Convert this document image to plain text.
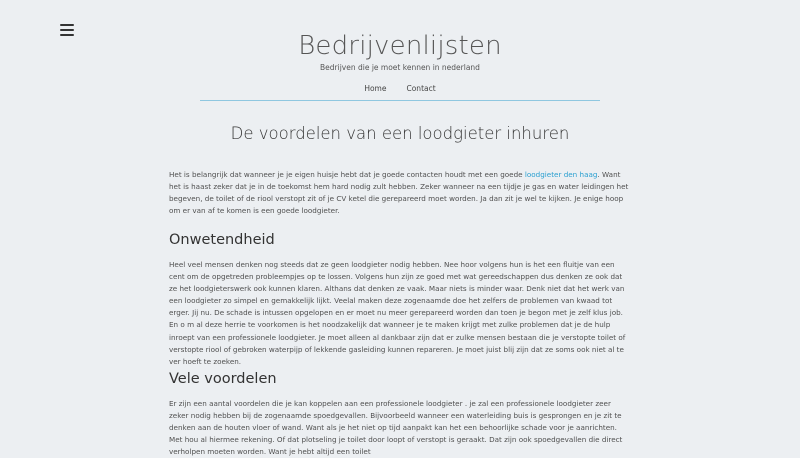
Bedrijvenlijsten
Bedrijven die je moet kennen in nederland
Home	Contact
De voordelen van een loodgieter inhuren

Het is belangrijk dat wanneer je je eigen huisje hebt dat je goede contacten houdt met een goede loodgieter den haag. Want het is haast zeker dat je in de toekomst hem hard nodig zult hebben. Zeker wanneer na een tijdje je gas en water leidingen het begeven, de toilet of de riool verstopt zit of je CV ketel die gerepareerd moet worden. Ja dan zit je wel te kijken. Je enige hoop om er van af te komen is een goede loodgieter.

Onwetendheid

Heel veel mensen denken nog steeds dat ze geen loodgieter nodig hebben. Nee hoor volgens hun is het een fluitje van een cent om de opgetreden probleempjes op te lossen. Volgens hun zijn ze goed met wat gereedschappen dus denken ze ook dat ze het loodgieterswerk ook kunnen klaren. Althans dat denken ze vaak. Maar niets is minder waar. Denk niet dat het werk van een loodgieter zo simpel en gemakkelijk lijkt. Veelal maken deze zogenaamde doe het zelfers de problemen van kwaad tot erger. Jij nu. De schade is intussen opgelopen en er moet nu meer gerepareerd worden dan toen je begon met je zelf klus job. En o m al deze herrie te voorkomen is het noodzakelijk dat wanneer je te maken krijgt met zulke problemen dat je de hulp inroept van een professionele loodgieter. Je moet alleen al dankbaar zijn dat er zulke mensen bestaan die je verstopte toilet of verstopte riool of gebroken waterpijp of lekkende gasleiding kunnen repareren. Je moet juist blij zijn dat ze soms ook niet al te ver hoeft te zoeken.

Vele voordelen

Er zijn een aantal voordelen die je kan koppelen aan een professionele loodgieter . je zal een professionele loodgieter zeer zeker nodig hebben bij de zogenaamde spoedgevallen. Bijvoorbeeld wanneer een waterleiding buis is gesprongen en je zit te denken aan de houten vloer of wand. Want als je het niet op tijd aanpakt kan het een behoorlijke schade voor je aanrichten. Met hou al hiermee rekening. Of dat plotseling je toilet door loopt of verstopt is geraakt. Dat zijn ook spoedgevallen die direct verholpen moeten worden. Want je hebt altijd een toilet
